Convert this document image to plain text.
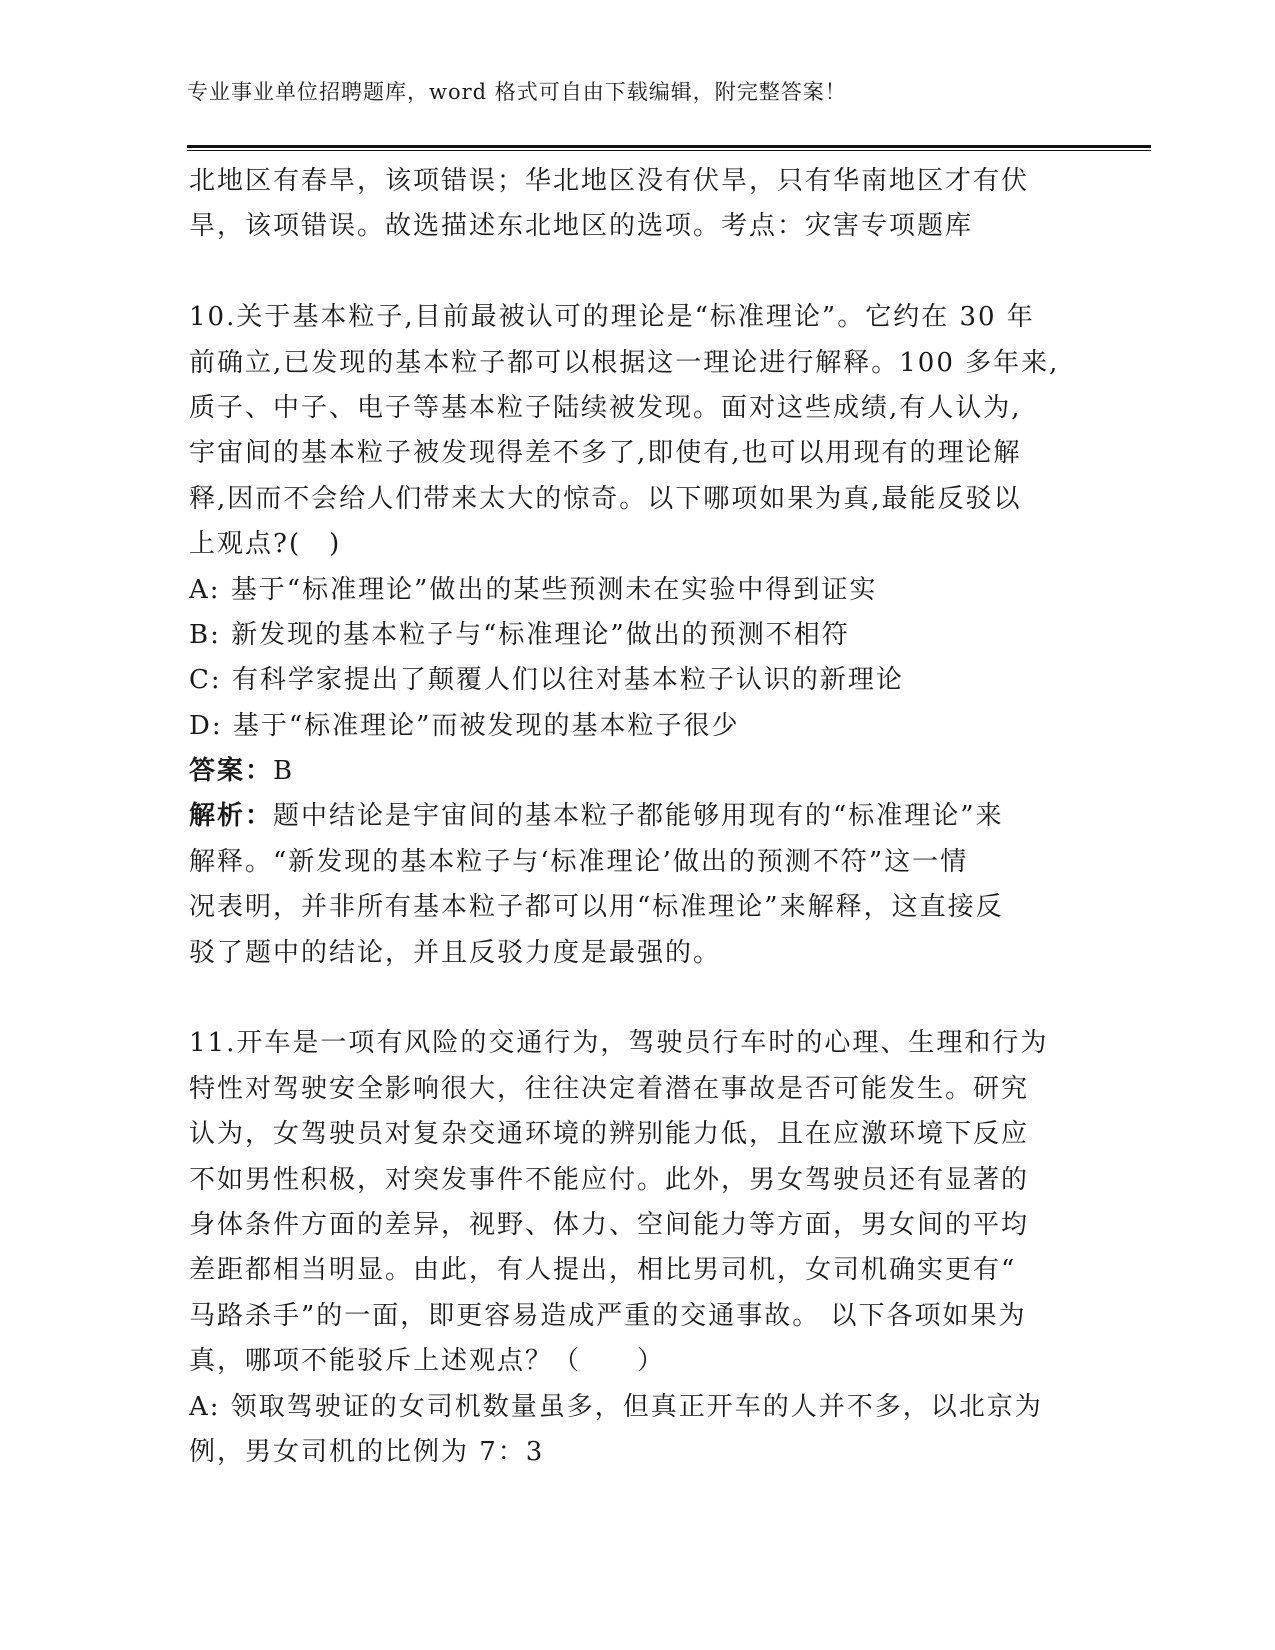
专业事业单位招聘题库，word 格式可自由下载编辑，附完整答案！
北地区有春旱，该项错误；华北地区没有伏旱，只有华南地区才有伏
旱，该项错误。故选描述东北地区的选项。考点：灾害专项题库
10.关于基本粒子,目前最被认可的理论是“标准理论”。它约在 30 年
前确立,已发现的基本粒子都可以根据这一理论进行解释。100 多年来,
质子、中子、电子等基本粒子陆续被发现。面对这些成绩,有人认为,
宇宙间的基本粒子被发现得差不多了,即使有,也可以用现有的理论解
释,因而不会给人们带来太大的惊奇。以下哪项如果为真,最能反驳以
上观点?(　)
A: 基于“标准理论”做出的某些预测未在实验中得到证实
B: 新发现的基本粒子与“标准理论”做出的预测不相符
C: 有科学家提出了颠覆人们以往对基本粒子认识的新理论
D: 基于“标准理论”而被发现的基本粒子很少
答案：B
解析：题中结论是宇宙间的基本粒子都能够用现有的“标准理论”来
解释。“新发现的基本粒子与‘标准理论’做出的预测不符”这一情
况表明，并非所有基本粒子都可以用“标准理论”来解释，这直接反
驳了题中的结论，并且反驳力度是最强的。
11.开车是一项有风险的交通行为，驾驶员行车时的心理、生理和行为
特性对驾驶安全影响很大，往往决定着潜在事故是否可能发生。研究
认为，女驾驶员对复杂交通环境的辨别能力低，且在应激环境下反应
不如男性积极，对突发事件不能应付。此外，男女驾驶员还有显著的
身体条件方面的差异，视野、体力、空间能力等方面，男女间的平均
差距都相当明显。由此，有人提出，相比男司机，女司机确实更有“
马路杀手”的一面，即更容易造成严重的交通事故。 以下各项如果为
真，哪项不能驳斥上述观点？（　　）
A: 领取驾驶证的女司机数量虽多，但真正开车的人并不多，以北京为
例，男女司机的比例为 7：3
